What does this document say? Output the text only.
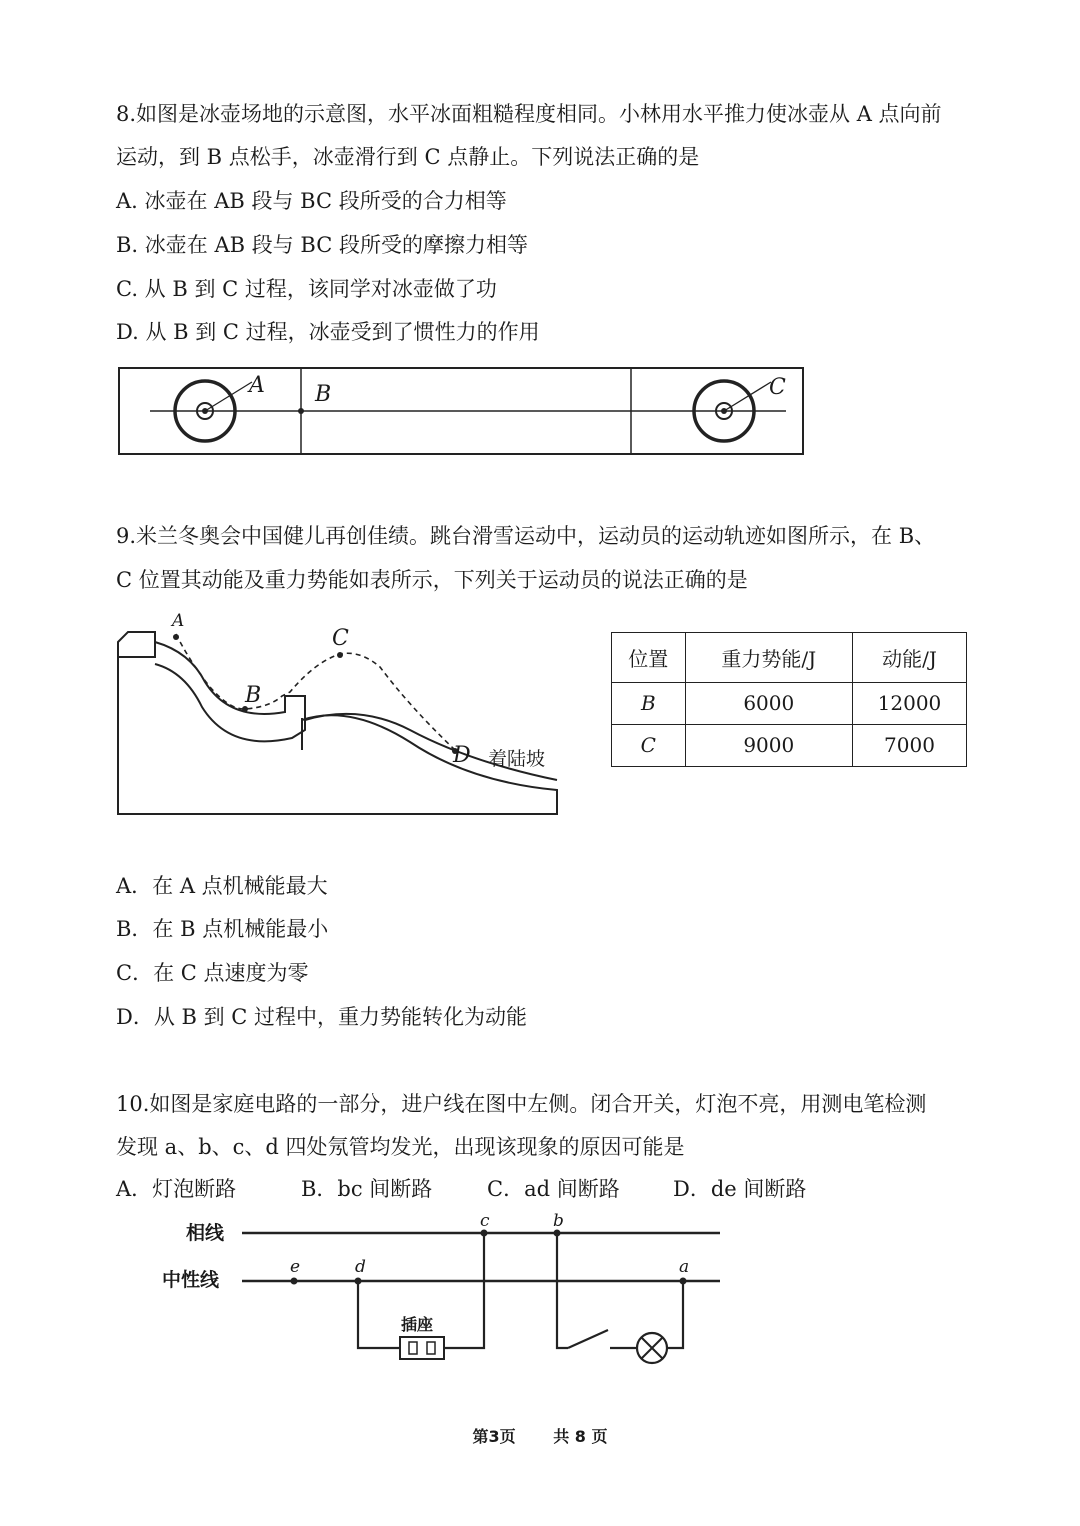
8.如图是冰壶场地的示意图，水平冰面粗糙程度相同。小林用水平推力使冰壶从 A 点向前
运动，到 B 点松手，冰壶滑行到 C 点静止。下列说法正确的是
A. 冰壶在 AB 段与 BC 段所受的合力相等
B. 冰壶在 AB 段与 BC 段所受的摩擦力相等
C. 从 B 到 C 过程，该同学对冰壶做了功
D. 从 B 到 C 过程，冰壶受到了惯性力的作用
A B	C
9.米兰冬奥会中国健儿再创佳绩。跳台滑雪运动中，运动员的运动轨迹如图所示，在 B、
C 位置其动能及重力势能如表所示，下列关于运动员的说法正确的是
A
B
C
D 着陆坡
位置	重力势能/J	动能/J
B	6000	12000
C	9000	7000
A．在 A 点机械能最大
B．在 B 点机械能最小
C．在 C 点速度为零
D．从 B 到 C 过程中，重力势能转化为动能
10.如图是家庭电路的一部分，进户线在图中左侧。闭合开关，灯泡不亮，用测电笔检测
发现 a、b、c、d 四处氖管均发光，出现该现象的原因可能是
A．灯泡断路	B．bc 间断路	C．ad 间断路	D．de 间断路
相线
中性线
插座
e	d
c	b
a
第3页 共 8 页
